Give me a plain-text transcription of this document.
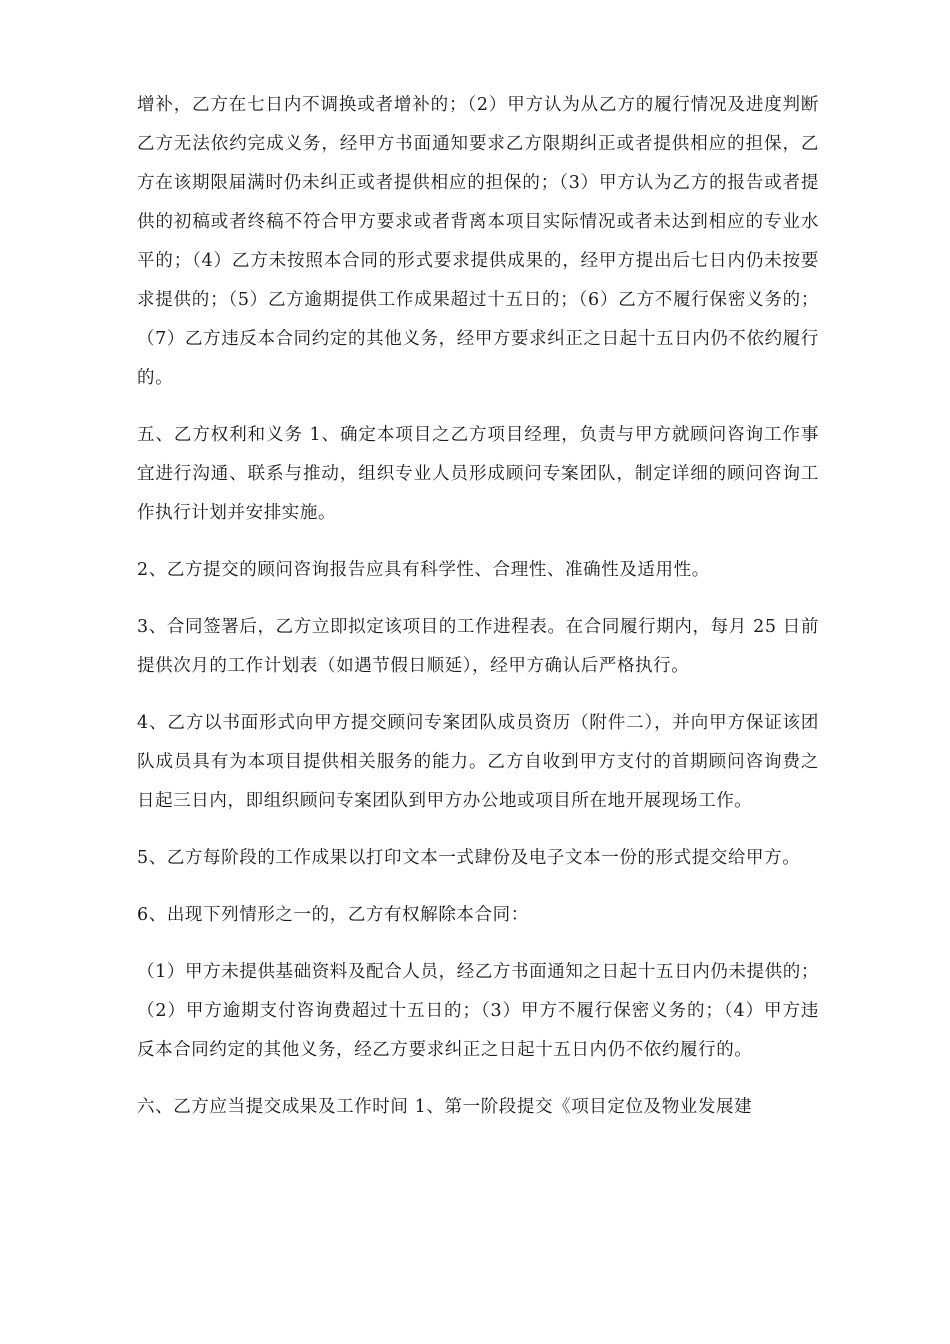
增补，乙方在七日内不调换或者增补的；（2）甲方认为从乙方的履行情况及进度判断乙方无法依约完成义务，经甲方书面通知要求乙方限期纠正或者提供相应的担保，乙方在该期限届满时仍未纠正或者提供相应的担保的；（3）甲方认为乙方的报告或者提供的初稿或者终稿不符合甲方要求或者背离本项目实际情况或者未达到相应的专业水平的；（4）乙方未按照本合同的形式要求提供成果的，经甲方提出后七日内仍未按要求提供的；（5）乙方逾期提供工作成果超过十五日的；（6）乙方不履行保密义务的；（7）乙方违反本合同约定的其他义务，经甲方要求纠正之日起十五日内仍不依约履行的。

五、乙方权利和义务 1、确定本项目之乙方项目经理，负责与甲方就顾问咨询工作事宜进行沟通、联系与推动，组织专业人员形成顾问专案团队，制定详细的顾问咨询工作执行计划并安排实施。

2、乙方提交的顾问咨询报告应具有科学性、合理性、准确性及适用性。

3、合同签署后，乙方立即拟定该项目的工作进程表。在合同履行期内，每月 25 日前提供次月的工作计划表（如遇节假日顺延），经甲方确认后严格执行。

4、乙方以书面形式向甲方提交顾问专案团队成员资历（附件二），并向甲方保证该团队成员具有为本项目提供相关服务的能力。乙方自收到甲方支付的首期顾问咨询费之日起三日内，即组织顾问专案团队到甲方办公地或项目所在地开展现场工作。

5、乙方每阶段的工作成果以打印文本一式肆份及电子文本一份的形式提交给甲方。

6、出现下列情形之一的，乙方有权解除本合同：

（1）甲方未提供基础资料及配合人员，经乙方书面通知之日起十五日内仍未提供的；（2）甲方逾期支付咨询费超过十五日的；（3）甲方不履行保密义务的；（4）甲方违反本合同约定的其他义务，经乙方要求纠正之日起十五日内仍不依约履行的。

六、乙方应当提交成果及工作时间 1、第一阶段提交《项目定位及物业发展建
